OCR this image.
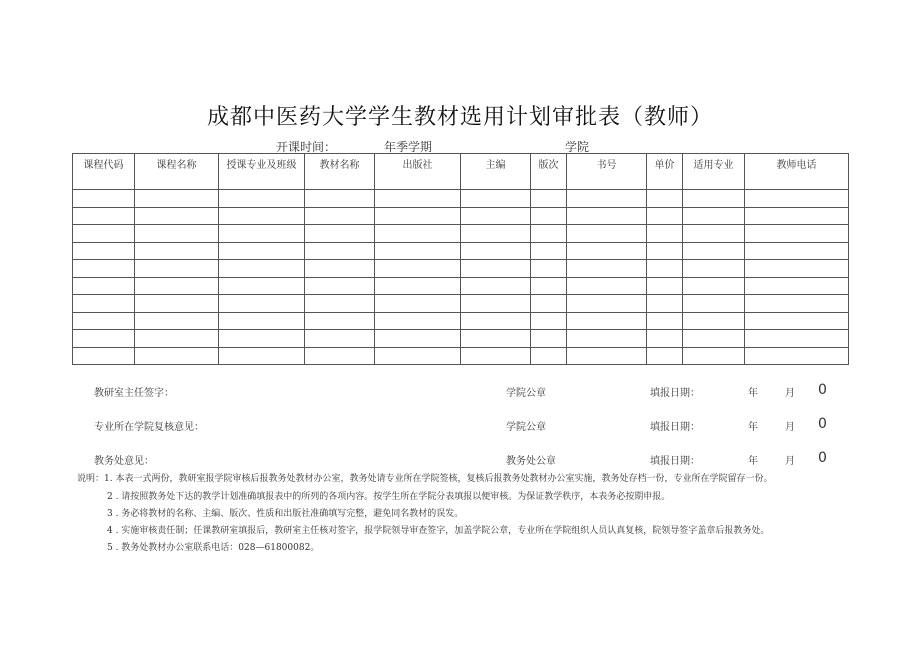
成都中医药大学学生教材选用计划审批表（教师）
开课时间：	年季学期	学院
课程代码	课程名称	授课专业及班级	教材名称	出版社	主编	版次	书号	单价	适用专业	教师电话

教研室主任签字：	学院公章	填报日期：	年	月 0
专业所在学院复核意见：	学院公章	填报日期：	年	月 0
教务处意见：	教务处公章	填报日期：	年	月 0
说明：1. 本表一式两份，教研室报学院审核后报教务处教材办公室，教务处请专业所在学院签核，复核后报教务处教材办公室实施，教务处存档一份，专业所在学院留存一份。
2 . 请按照教务处下达的教学计划准确填报表中的所列的各项内容。按学生所在学院分表填报以便审核。为保证教学秩序，本表务必按期申报。
3 . 务必将教材的名称、主编、版次、性质和出版社准确填写完整，避免同名教材的误发。
4 . 实施审核责任制；任课教研室填报后，教研室主任核对签字，报学院领导审查签字，加盖学院公章，专业所在学院组织人员认真复核，院领导签字盖章后报教务处。
5 . 教务处教材办公室联系电话：028—61800082。
